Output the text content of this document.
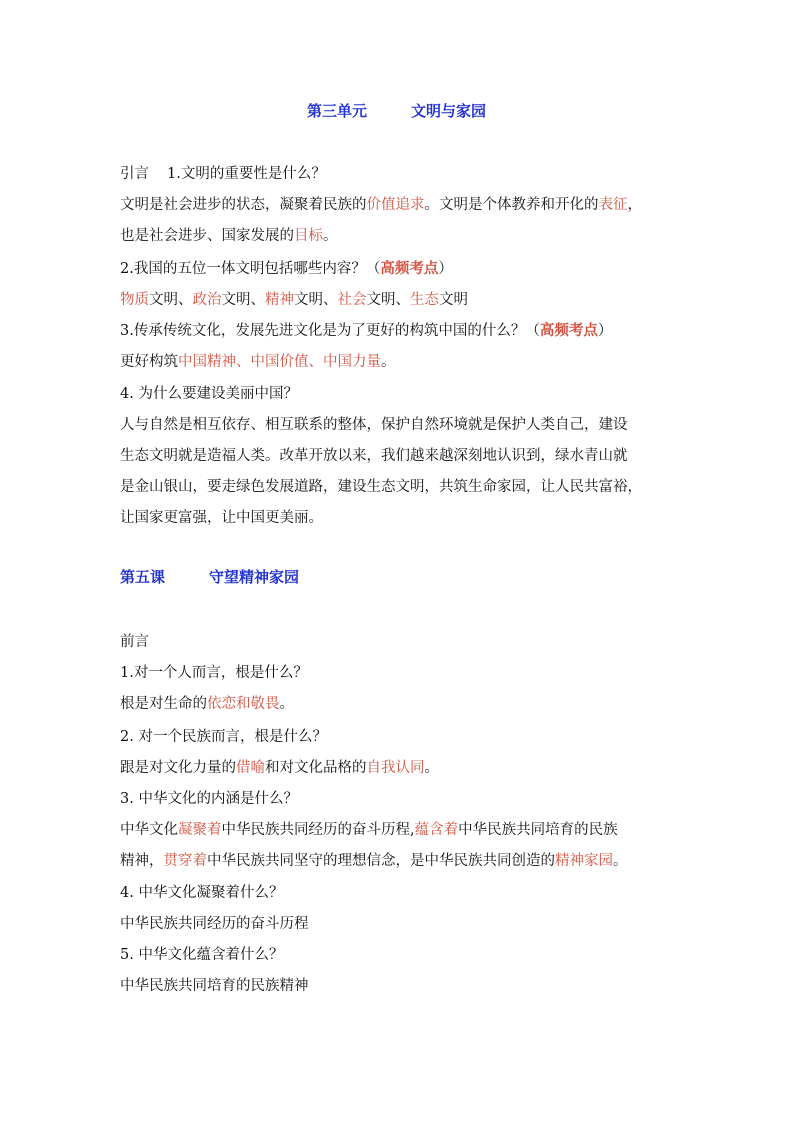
第三单元	文明与家园
引言 1.文明的重要性是什么？
文明是社会进步的状态，凝聚着民族的价值追求。文明是个体教养和开化的表征，
也是社会进步、国家发展的目标。
2.我国的五位一体文明包括哪些内容？（高频考点）
物质文明、政治文明、精神文明、社会文明、生态文明
3.传承传统文化，发展先进文化是为了更好的构筑中国的什么？（高频考点）
更好构筑中国精神、中国价值、中国力量。
4. 为什么要建设美丽中国？
人与自然是相互依存、相互联系的整体，保护自然环境就是保护人类自己，建设
生态文明就是造福人类。改革开放以来，我们越来越深刻地认识到，绿水青山就
是金山银山，要走绿色发展道路，建设生态文明，共筑生命家园，让人民共富裕，
让国家更富强，让中国更美丽。
第五课	守望精神家园
前言
1.对一个人而言，根是什么？
根是对生命的依恋和敬畏。
2. 对一个民族而言，根是什么？
跟是对文化力量的借喻和对文化品格的自我认同。
3. 中华文化的内涵是什么？
中华文化凝聚着中华民族共同经历的奋斗历程,蕴含着中华民族共同培育的民族
精神，贯穿着中华民族共同坚守的理想信念，是中华民族共同创造的精神家园。
4. 中华文化凝聚着什么？
中华民族共同经历的奋斗历程
5. 中华文化蕴含着什么？
中华民族共同培育的民族精神
